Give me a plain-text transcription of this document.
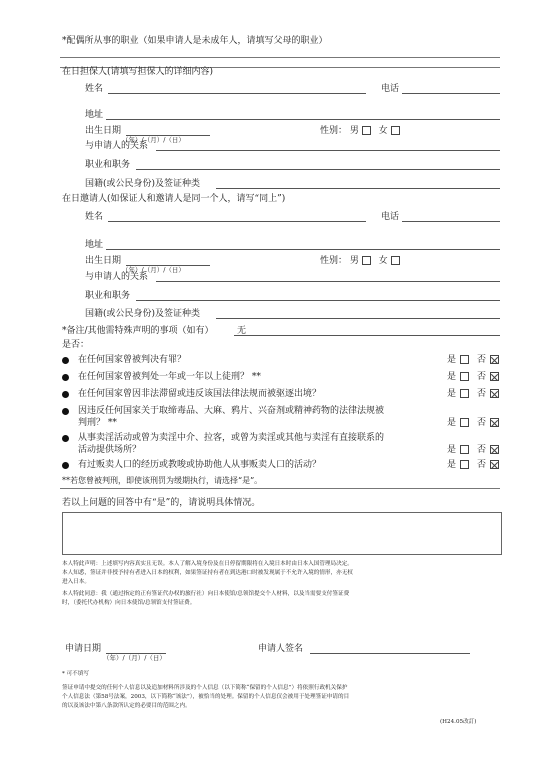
*配偶所从事的职业（如果申请人是未成年人，请填写父母的职业）
在日担保人(请填写担保人的详细内容)
姓名	电话
地址
出生日期
（年）/（月）/（日）
性别： 男 女
与申请人的关系
职业和职务
国籍(或公民身份)及签证种类
在日邀请人(如保证人和邀请人是同一个人，请写“同上”)
姓名	电话
地址
出生日期
（年）/（月）/（日）
性别： 男 女
与申请人的关系
职业和职务
国籍(或公民身份)及签证种类
*备注/其他需特殊声明的事项（如有）	无
是否：
在任何国家曾被判决有罪？	是 否
在任何国家曾被判处一年或一年以上徒刑？ **	是 否
在任何国家曾因非法滞留或违反该国法律法规而被驱逐出境？	是 否
因违反任何国家关于取缔毒品、大麻、鸦片、兴奋剂或精神药物的法律法规被
判刑？ **	是 否
从事卖淫活动或曾为卖淫中介、拉客，或曾为卖淫或其他与卖淫有直接联系的
活动提供场所？	是 否
有过贩卖人口的经历或教唆或协助他人从事贩卖人口的活动？	是 否
**若您曾被判刑，即使该刑罚为缓期执行，请选择“是”。
若以上问题的回答中有“是”的，请说明具体情况。
本人特此声明：上述填写内容真实且无误。本人了解入境身份及在日停留期限将在入境日本时由日本入国管理局决定。
本人知悉，签证并非授予持有者进入日本的权利，如果签证持有者在到达港口时被发现属于不允许入境的情形，亦无权
进入日本。
本人特此同意：我（通过指定的正有签证代办权的旅行社）向日本使馆/总领馆提交个人材料，以及当需要支付签证费
时，（委托代办机构）向日本使馆/总领馆支付签证费。
申请日期
（年）/（月）/（日）
申请人签名
* 可不填写
签证申请中提交的任何个人信息以及追加材料所涉及的个人信息（以下简称“保留的个人信息”）将依照行政机关保护
个人信息法（第58号法案，2003，以下简称“该法”），被恰当的处理。保留的个人信息仅会被用于处理签证申请的目
的以及该法中第八条款所认定的必要目的范围之内。
(H24.05改訂)
